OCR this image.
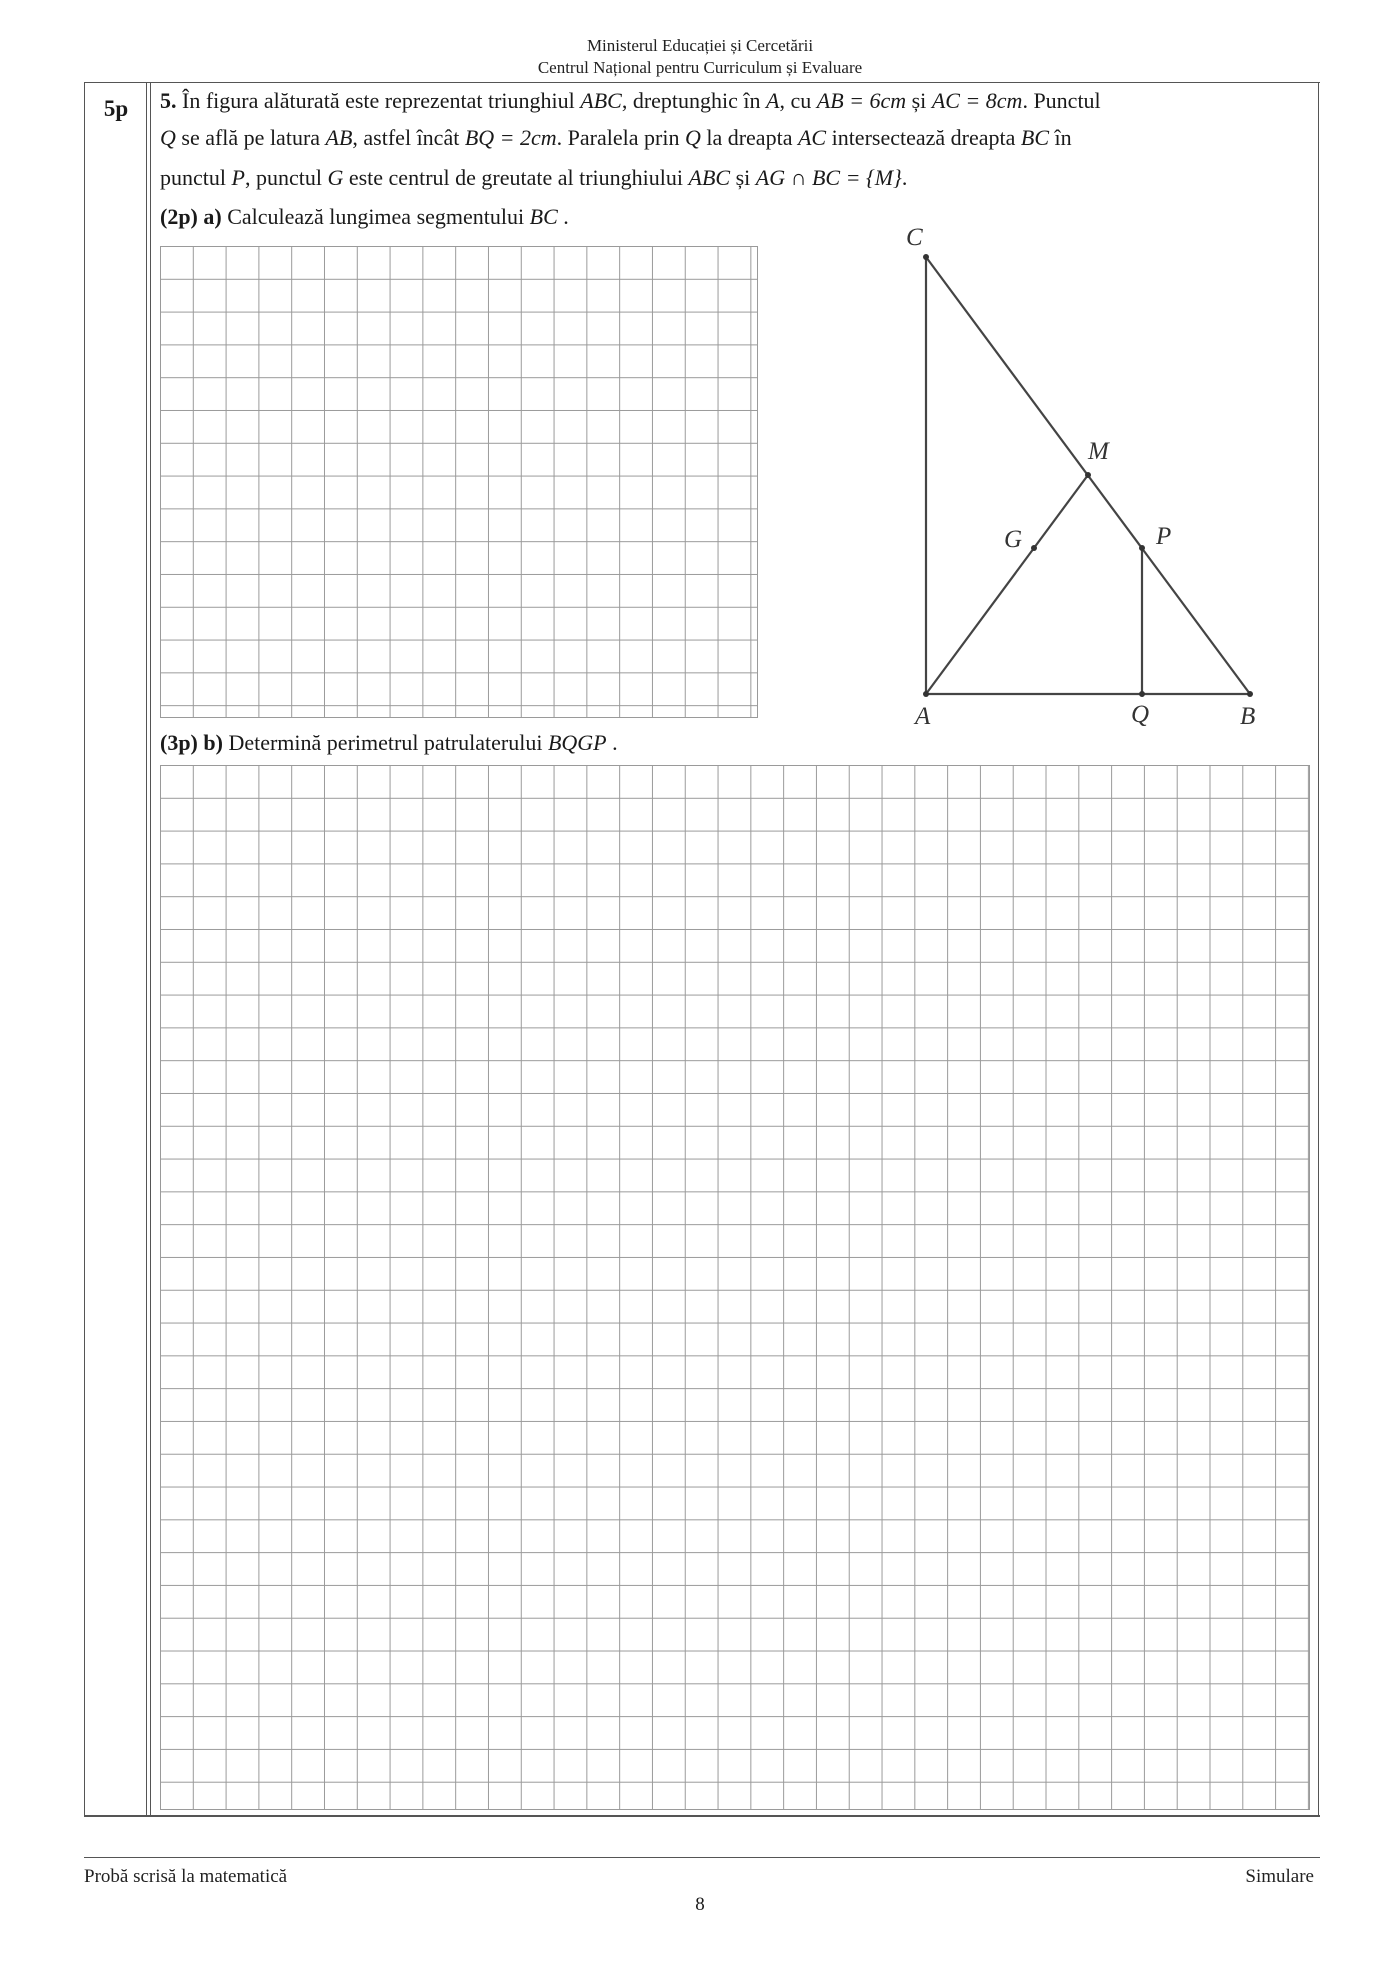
Ministerul Educației și Cercetării
Centrul Național pentru Curriculum și Evaluare
5p	5. În figura alăturată este reprezentat triunghiul ABC, dreptunghic în A, cu AB = 6cm și AC = 8cm. Punctul
Q se află pe latura AB, astfel încât BQ = 2cm. Paralela prin Q la dreapta AC intersectează dreapta BC în
punctul P, punctul G este centrul de greutate al triunghiului ABC și AG ∩ BC = {M}.
(2p) a) Calculează lungimea segmentului BC .
C
M
G	P
A	Q	B
(3p) b) Determină perimetrul patrulaterului BQGP .
Probă scrisă la matematică	Simulare
8
